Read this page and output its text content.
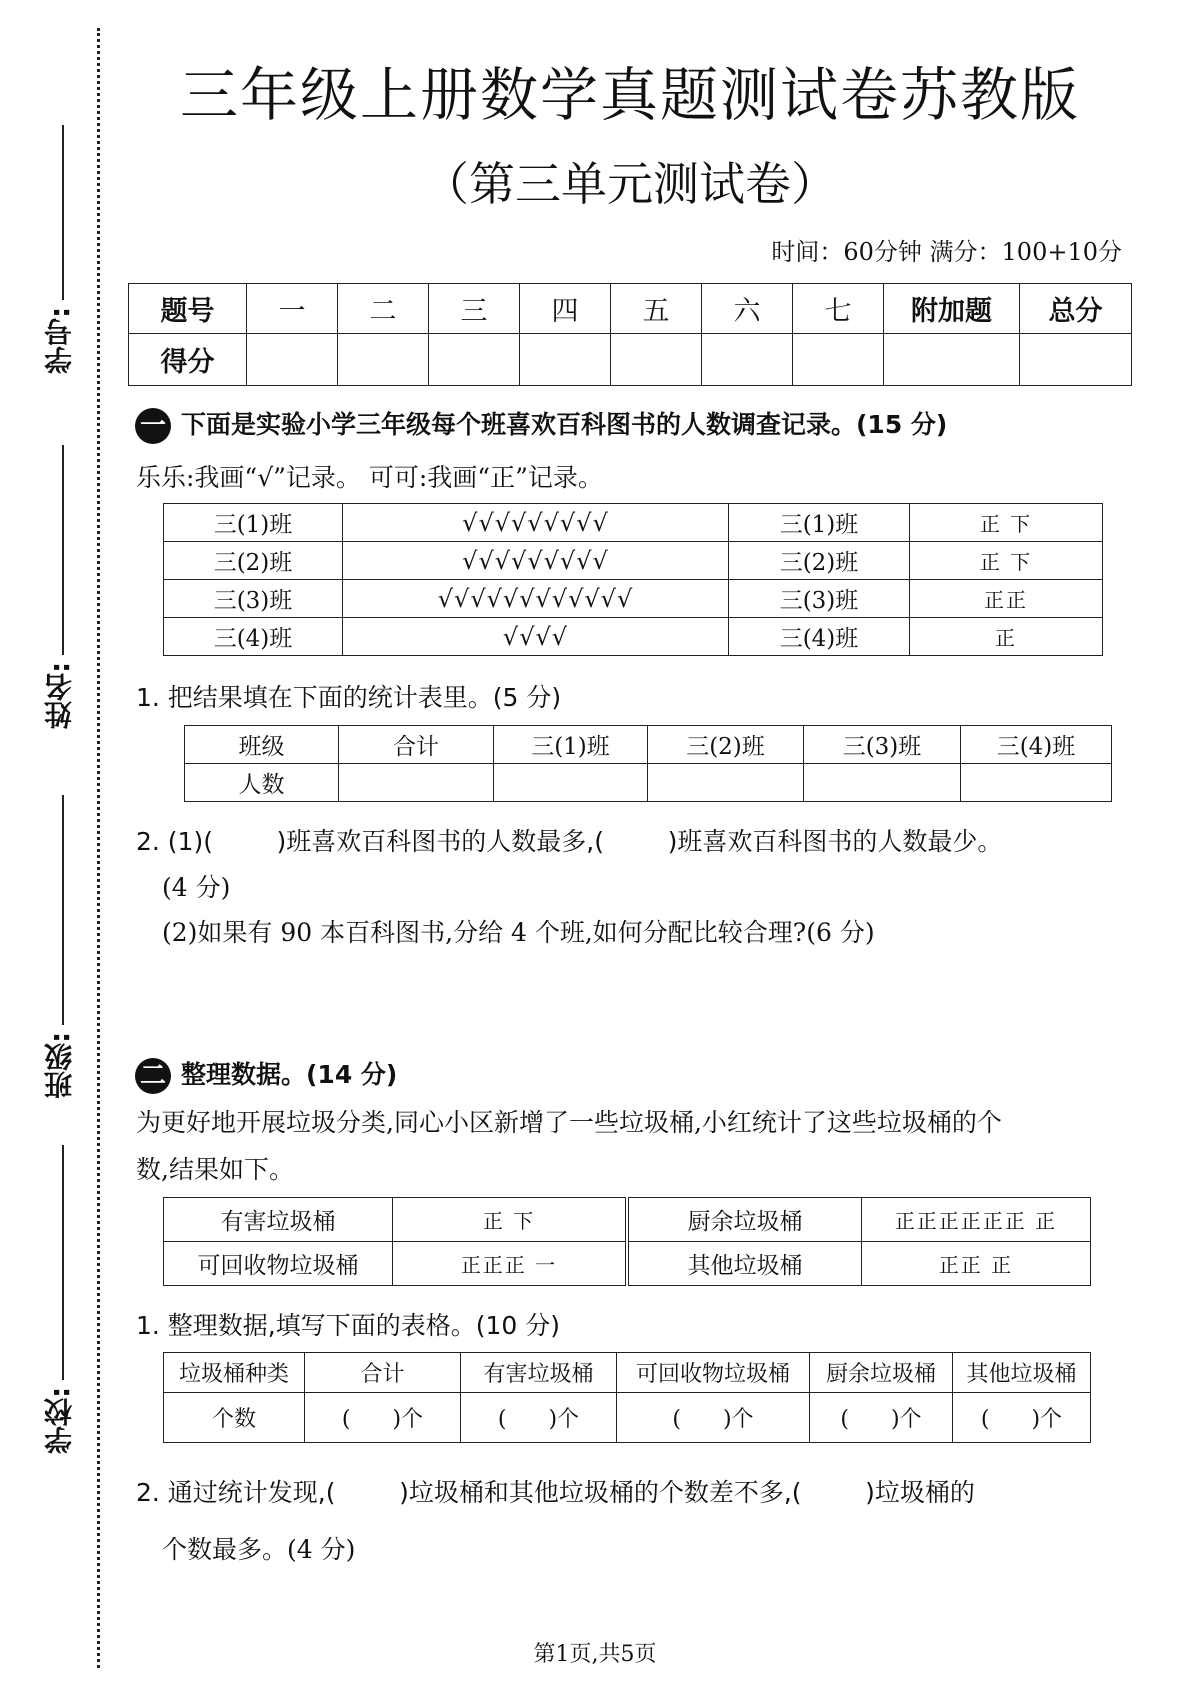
学号:
姓名:
班级:
学校:
三年级上册数学真题测试卷苏教版
（第三单元测试卷）
时间：60分钟 满分：100+10分
题号	一	二	三	四	五	六	七	附加题	总分
得分									
一 下面是实验小学三年级每个班喜欢百科图书的人数调查记录。(15 分)
乐乐:我画“√”记录。 可可:我画“正”记录。
三(1)班	√√√√√√√√√	三(1)班	正 下
三(2)班	√√√√√√√√√	三(2)班	正 下
三(3)班	√√√√√√√√√√√√	三(3)班	正正
三(4)班	√√√√	三(4)班	正
1. 把结果填在下面的统计表里。(5 分)
班级	合计	三(1)班	三(2)班	三(3)班	三(4)班
人数					
2. (1)(        )班喜欢百科图书的人数最多,(        )班喜欢百科图书的人数最少。
(4 分)
(2)如果有 90 本百科图书,分给 4 个班,如何分配比较合理?(6 分)
二 整理数据。(14 分)
为更好地开展垃圾分类,同心小区新增了一些垃圾桶,小红统计了这些垃圾桶的个
数,结果如下。
有害垃圾桶	正 下	厨余垃圾桶	正正正正正正 正
可回收物垃圾桶	正正正 一	其他垃圾桶	正正 正
1. 整理数据,填写下面的表格。(10 分)
垃圾桶种类	合计	有害垃圾桶	可回收物垃圾桶	厨余垃圾桶	其他垃圾桶
个数	(      )个	(      )个	(      )个	(      )个	(      )个
2. 通过统计发现,(        )垃圾桶和其他垃圾桶的个数差不多,(        )垃圾桶的
个数最多。(4 分)
第1页,共5页
